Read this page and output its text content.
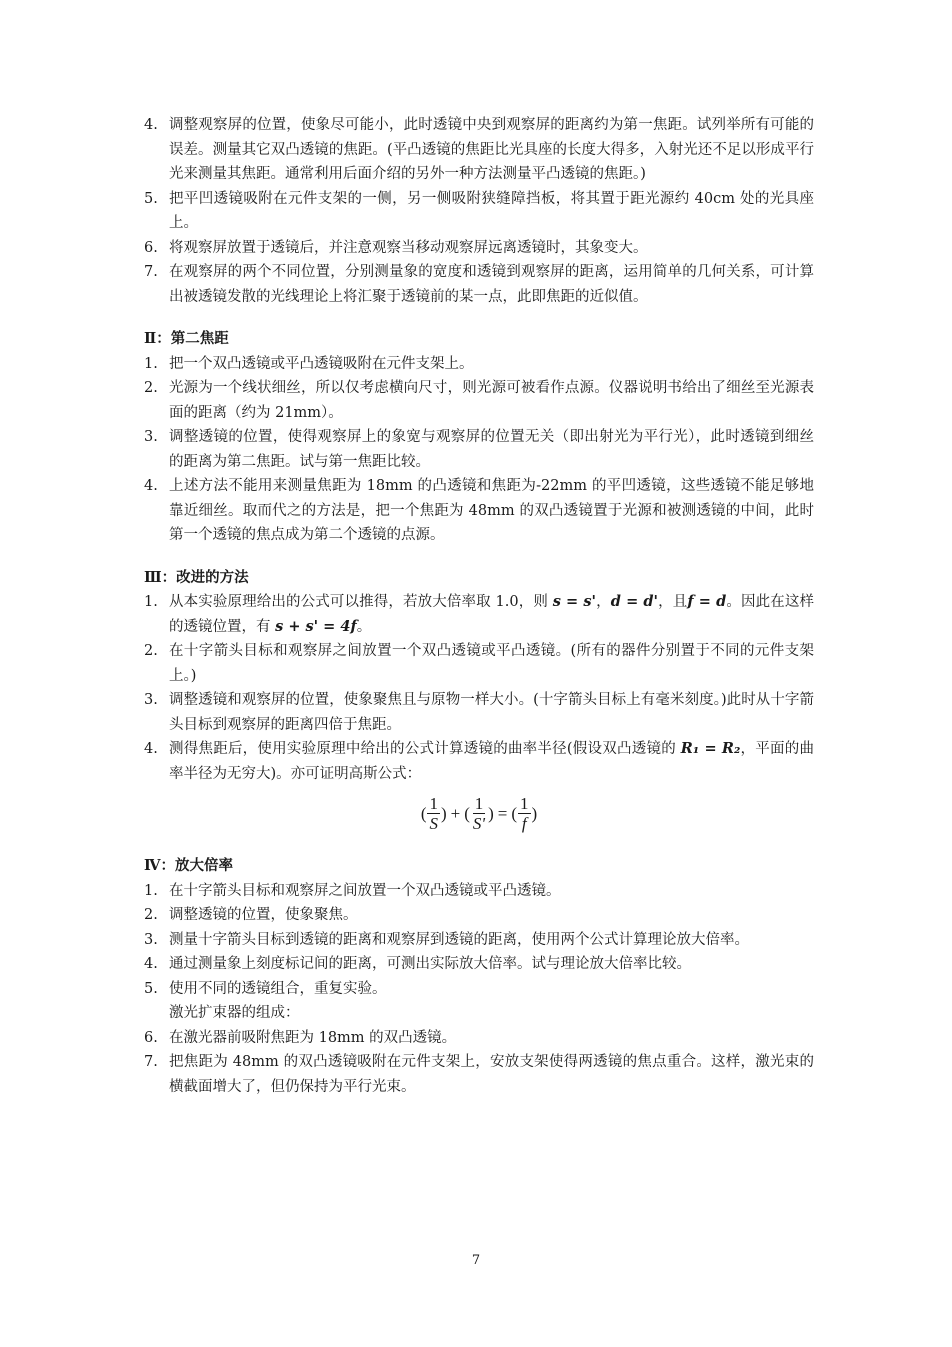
4. 调整观察屏的位置，使象尽可能小，此时透镜中央到观察屏的距离约为第一焦距。试列举所有可能的误差。测量其它双凸透镜的焦距。(平凸透镜的焦距比光具座的长度大得多，入射光还不足以形成平行光来测量其焦距。通常利用后面介绍的另外一种方法测量平凸透镜的焦距。)
5. 把平凹透镜吸附在元件支架的一侧，另一侧吸附狭缝障挡板，将其置于距光源约 40cm 处的光具座上。
6. 将观察屏放置于透镜后，并注意观察当移动观察屏远离透镜时，其象变大。
7. 在观察屏的两个不同位置，分别测量象的宽度和透镜到观察屏的距离，运用简单的几何关系，可计算出被透镜发散的光线理论上将汇聚于透镜前的某一点，此即焦距的近似值。
Ⅱ：第二焦距
1. 把一个双凸透镜或平凸透镜吸附在元件支架上。
2. 光源为一个线状细丝，所以仅考虑横向尺寸，则光源可被看作点源。仪器说明书给出了细丝至光源表面的距离（约为 21mm）。
3. 调整透镜的位置，使得观察屏上的象宽与观察屏的位置无关（即出射光为平行光），此时透镜到细丝的距离为第二焦距。试与第一焦距比较。
4. 上述方法不能用来测量焦距为 18mm 的凸透镜和焦距为-22mm 的平凹透镜，这些透镜不能足够地靠近细丝。取而代之的方法是，把一个焦距为 48mm 的双凸透镜置于光源和被测透镜的中间，此时第一个透镜的焦点成为第二个透镜的点源。
Ⅲ：改进的方法
1. 从本实验原理给出的公式可以推得，若放大倍率取 1.0，则 s = s'，d = d'，且f = d。因此在这样的透镜位置，有 s + s' = 4f。
2. 在十字箭头目标和观察屏之间放置一个双凸透镜或平凸透镜。(所有的器件分别置于不同的元件支架上。)
3. 调整透镜和观察屏的位置，使象聚焦且与原物一样大小。(十字箭头目标上有毫米刻度。)此时从十字箭头目标到观察屏的距离四倍于焦距。
4. 测得焦距后，使用实验原理中给出的公式计算透镜的曲率半径(假设双凸透镜的 R₁ = R₂，平面的曲率半径为无穷大)。亦可证明高斯公式：
( $\frac{1}{S}$ ) + ( $\frac{1}{S'}$ ) = ( $\frac{1}{f}$ )
Ⅳ：放大倍率
1. 在十字箭头目标和观察屏之间放置一个双凸透镜或平凸透镜。
2. 调整透镜的位置，使象聚焦。
3. 测量十字箭头目标到透镜的距离和观察屏到透镜的距离，使用两个公式计算理论放大倍率。
4. 通过测量象上刻度标记间的距离，可测出实际放大倍率。试与理论放大倍率比较。
5. 使用不同的透镜组合，重复实验。
激光扩束器的组成：
6. 在激光器前吸附焦距为 18mm 的双凸透镜。
7. 把焦距为 48mm 的双凸透镜吸附在元件支架上，安放支架使得两透镜的焦点重合。这样，激光束的横截面增大了，但仍保持为平行光束。
7
